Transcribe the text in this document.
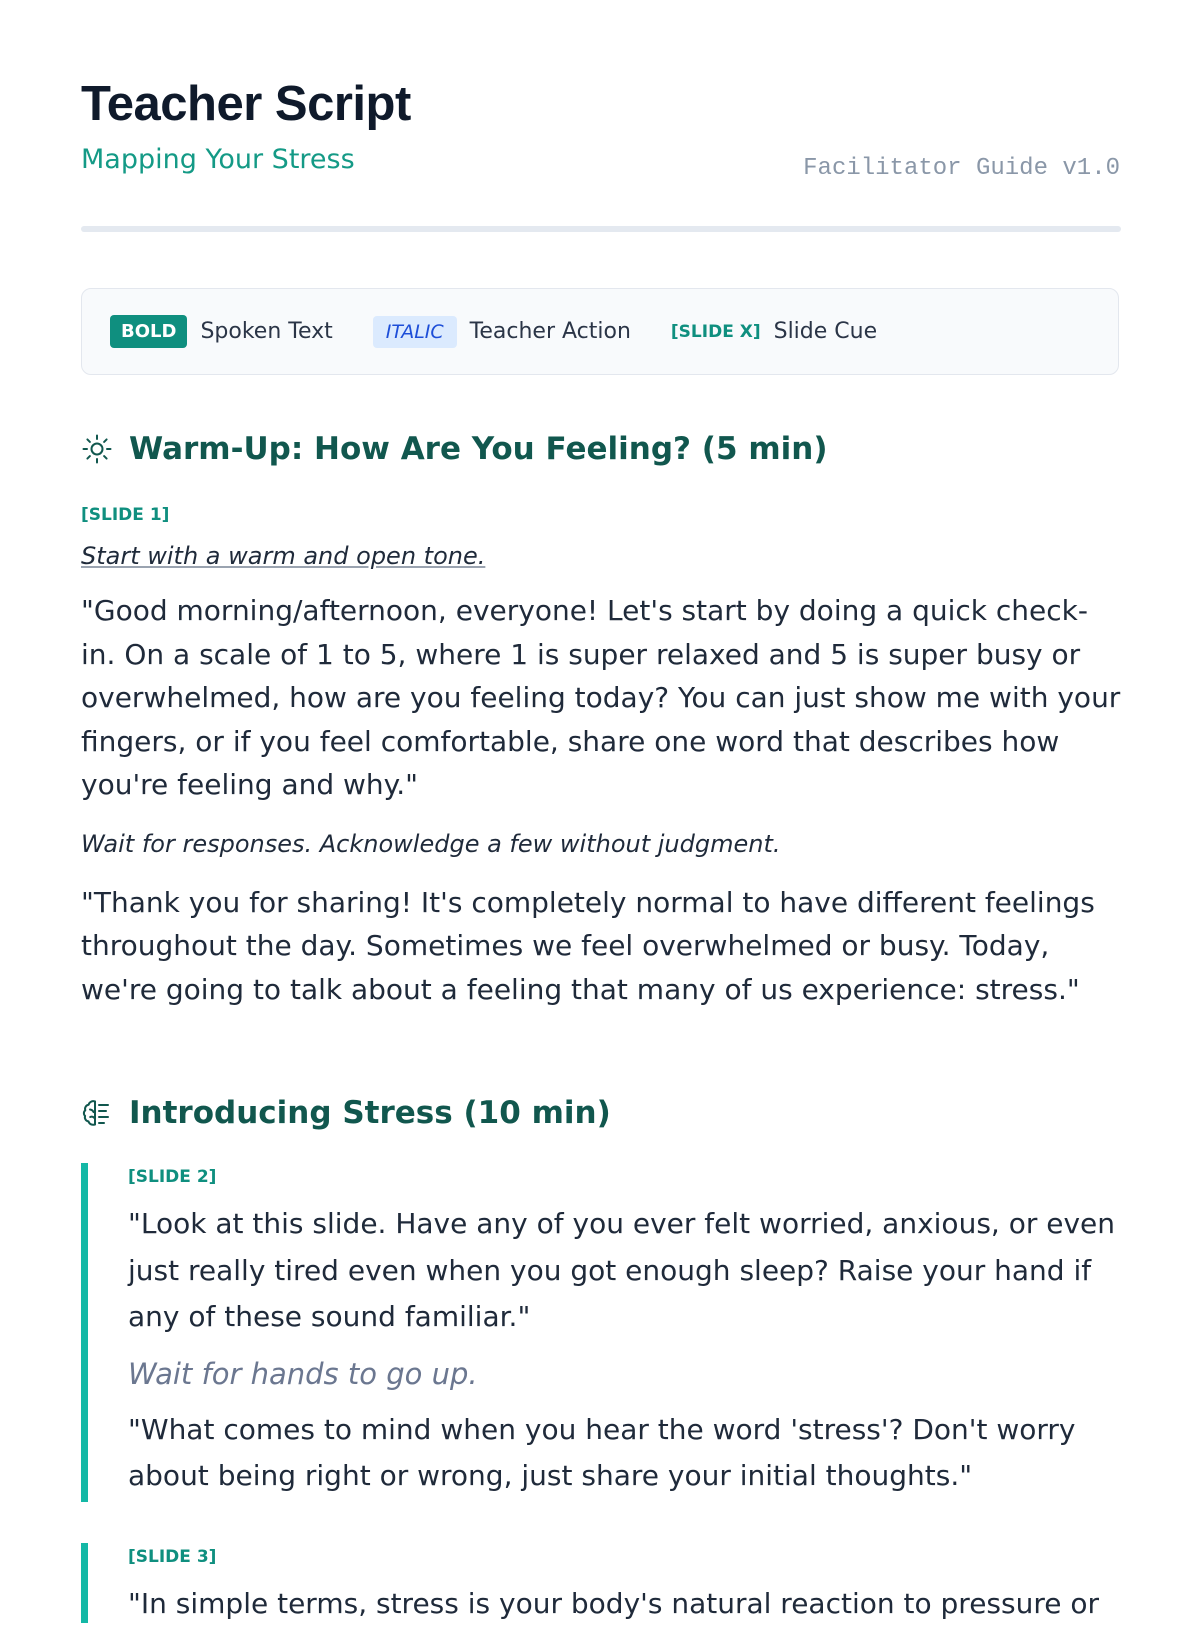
Teacher Script
Mapping Your Stress	Facilitator Guide v1.0
BOLD	Spoken Text	ITALIC	Teacher Action [SLIDE X] Slide Cue
Warm-Up: How Are You Feeling? (5 min)
[SLIDE 1]
Start with a warm and open tone.

"Good morning/afternoon, everyone! Let's start by doing a quick check-in. On a scale of 1 to 5, where 1 is super relaxed and 5 is super busy or overwhelmed, how are you feeling today? You can just show me with your fingers, or if you feel comfortable, share one word that describes how you're feeling and why."

Wait for responses. Acknowledge a few without judgment.

"Thank you for sharing! It's completely normal to have different feelings throughout the day. Sometimes we feel overwhelmed or busy. Today, we're going to talk about a feeling that many of us experience: stress."

Introducing Stress (10 min)
[SLIDE 2]

"Look at this slide. Have any of you ever felt worried, anxious, or even just really tired even when you got enough sleep? Raise your hand if any of these sound familiar."

Wait for hands to go up.

"What comes to mind when you hear the word 'stress'? Don't worry about being right or wrong, just share your initial thoughts."

[SLIDE 3]

"In simple terms, stress is your body's natural reaction to pressure or
